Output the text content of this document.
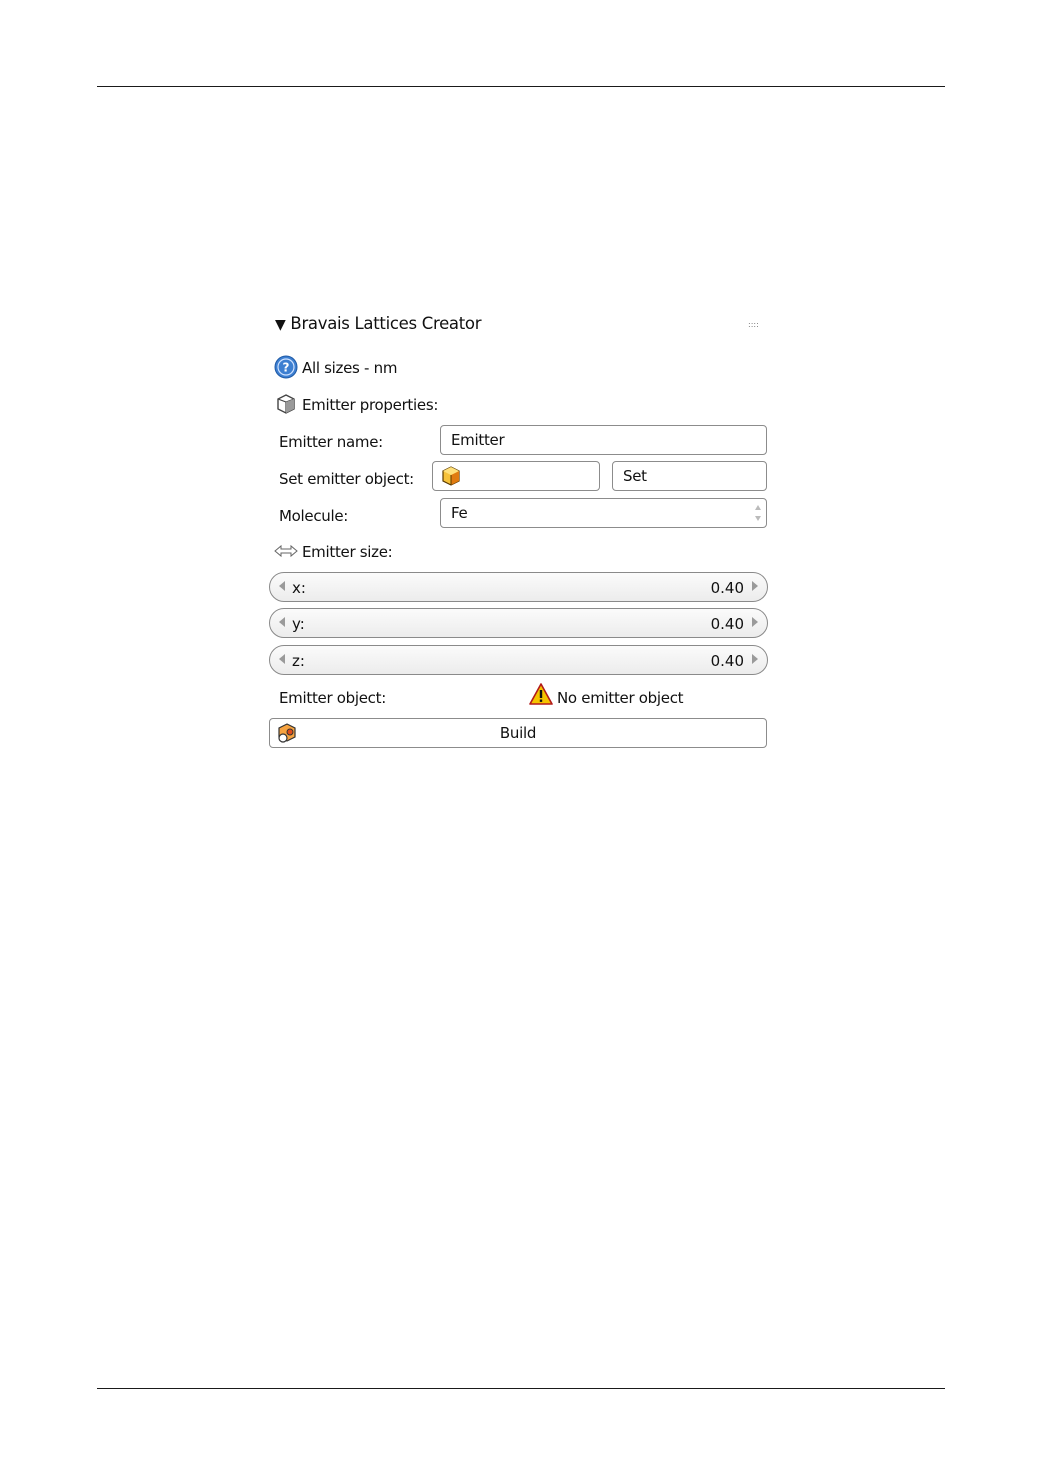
▼ Bravais Lattices Creator	::::
? All sizes - nm
Emitter properties:
Emitter name:	Emitter
Set emitter object:	Set
Molecule:	Fe
Emitter size:
x:	0.40
y:	0.40
z:	0.40
Emitter object:	No emitter object
Build
